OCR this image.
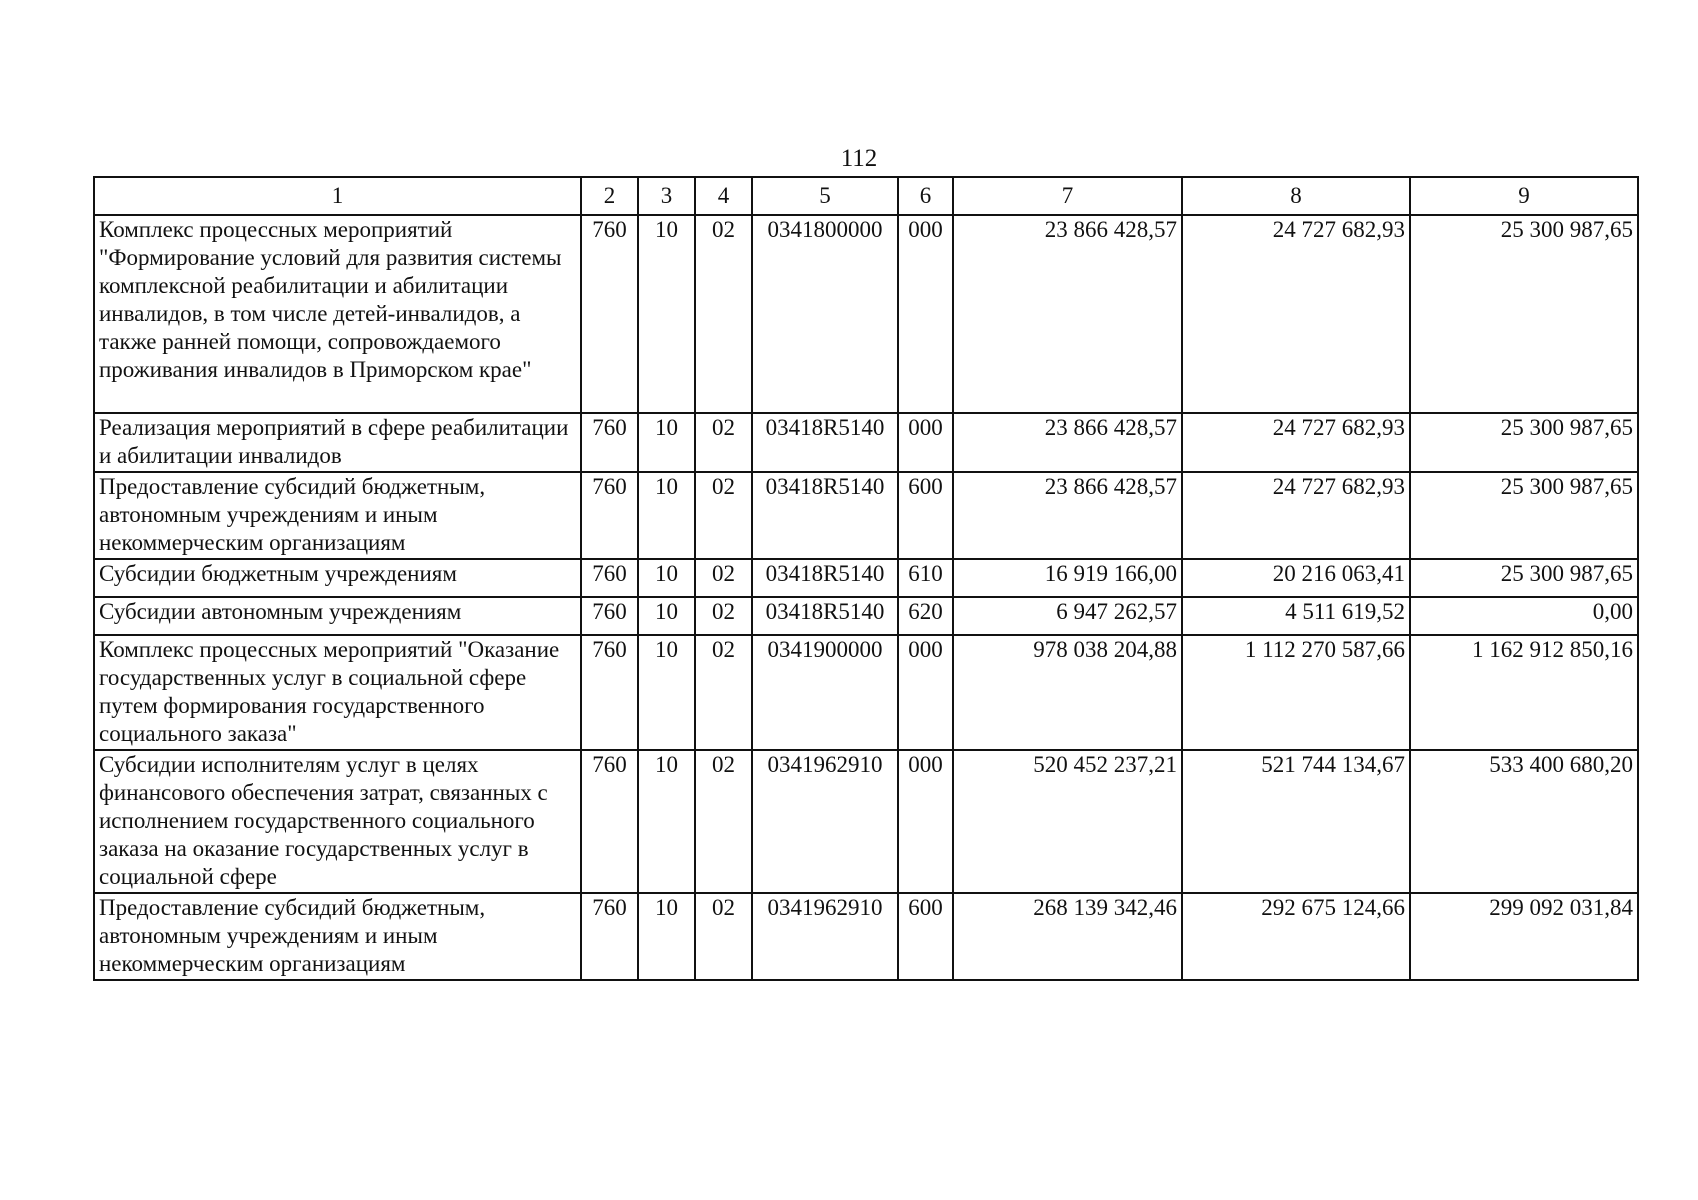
112
1	2	3	4	5	6	7	8	9
Комплекс процессных мероприятий "Формирование условий для развития системы комплексной реабилитации и абилитации инвалидов, в том числе детей-инвалидов, а также ранней помощи, сопровождаемого проживания инвалидов в Приморском крае"	760	10	02	0341800000	000	23 866 428,57	24 727 682,93	25 300 987,65
Реализация мероприятий в сфере реабилитации и абилитации инвалидов	760	10	02	03418R5140	000	23 866 428,57	24 727 682,93	25 300 987,65
Предоставление субсидий бюджетным, автономным учреждениям и иным некоммерческим организациям	760	10	02	03418R5140	600	23 866 428,57	24 727 682,93	25 300 987,65
Субсидии бюджетным учреждениям	760	10	02	03418R5140	610	16 919 166,00	20 216 063,41	25 300 987,65
Субсидии автономным учреждениям	760	10	02	03418R5140	620	6 947 262,57	4 511 619,52	0,00
Комплекс процессных мероприятий "Оказание государственных услуг в социальной сфере путем формирования государственного социального заказа"	760	10	02	0341900000	000	978 038 204,88	1 112 270 587,66	1 162 912 850,16
Субсидии исполнителям услуг в целях финансового обеспечения затрат, связанных с исполнением государственного социального заказа на оказание государственных услуг в социальной сфере	760	10	02	0341962910	000	520 452 237,21	521 744 134,67	533 400 680,20
Предоставление субсидий бюджетным, автономным учреждениям и иным некоммерческим организациям	760	10	02	0341962910	600	268 139 342,46	292 675 124,66	299 092 031,84
